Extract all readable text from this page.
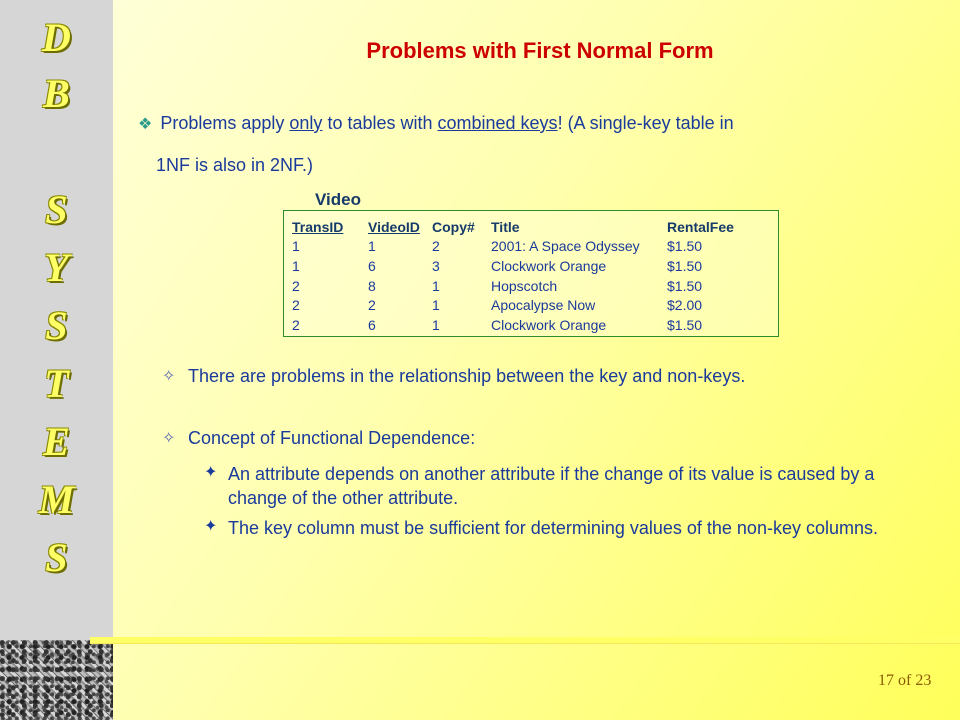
D
B
S
Y
S
T
E
M
S
Problems with First Normal Form
❖ Problems apply only to tables with combined keys! (A single-key table in
1NF is also in 2NF.)
Video
TransID	VideoID Copy#	Title	RentalFee
1	1	2	2001: A Space Odyssey	$1.50
1	6	3	Clockwork Orange	$1.50
2	8	1	Hopscotch	$1.50
2	2	1	Apocalypse Now	$2.00
2	6	1	Clockwork Orange	$1.50
✧ There are problems in the relationship between the key and non-keys.
✧ Concept of Functional Dependence:
✦ An attribute depends on another attribute if the change of its value is caused by a change of the other attribute.
✦ The key column must be sufficient for determining values of the non-key columns.
17 of 23
